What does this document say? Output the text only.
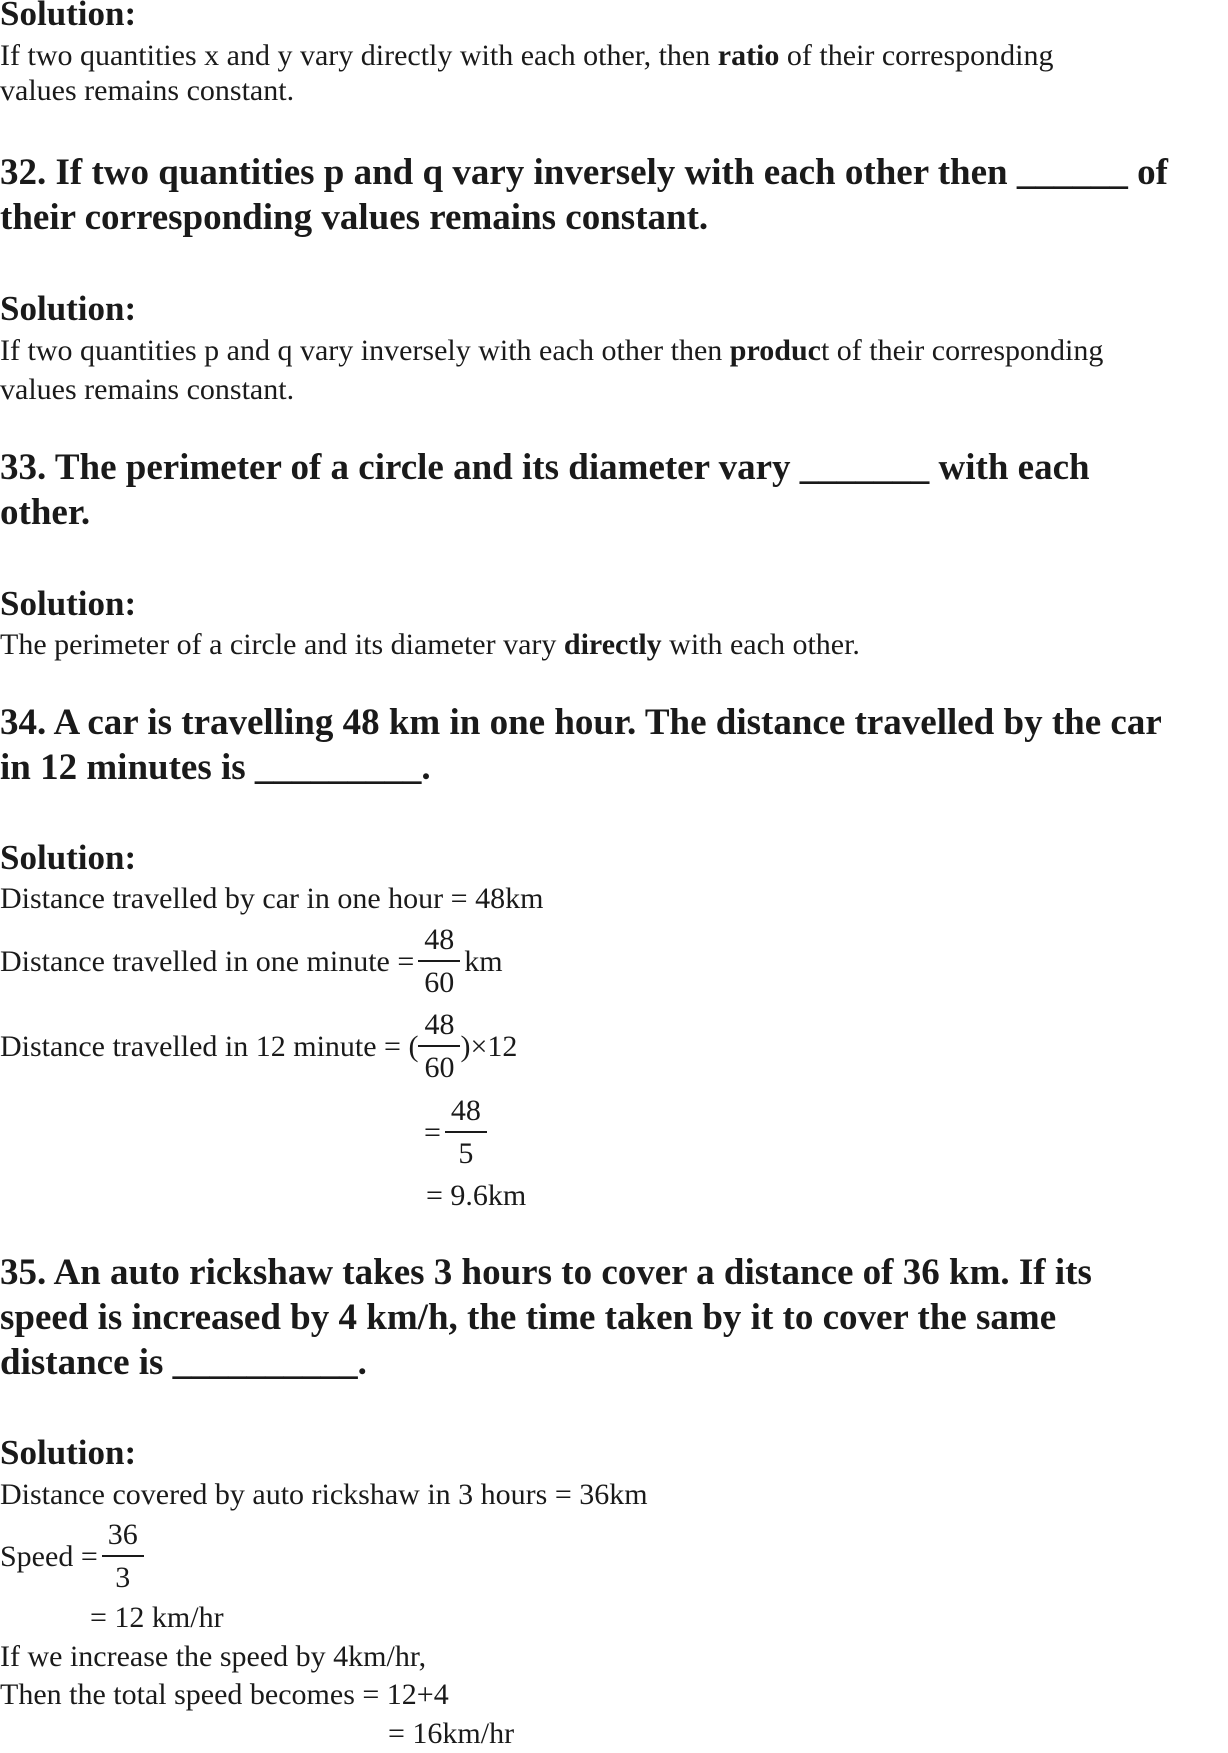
Solution:
If two quantities x and y vary directly with each other, then ratio of their corresponding
values remains constant.
32. If two quantities p and q vary inversely with each other then ______ of
their corresponding values remains constant.
Solution:
If two quantities p and q vary inversely with each other then product of their corresponding
values remains constant.
33. The perimeter of a circle and its diameter vary _______ with each
other.
Solution:
The perimeter of a circle and its diameter vary directly with each other.
34. A car is travelling 48 km in one hour. The distance travelled by the car
in 12 minutes is _________.
Solution:
Distance travelled by car in one hour = 48km
Distance travelled in one minute = $\frac{48}{60}$ km
Distance travelled in 12 minute = ( $\frac{48}{60} )\times 12$
= $\frac{48}{5}$
= 9.6km
35. An auto rickshaw takes 3 hours to cover a distance of 36 km. If its
speed is increased by 4 km/h, the time taken by it to cover the same
distance is __________.
Solution:
Distance covered by auto rickshaw in 3 hours = 36km
Speed = $\frac{36}{3}$
= 12 km/hr
If we increase the speed by 4km/hr,
Then the total speed becomes = 12+4
= 16km/hr
